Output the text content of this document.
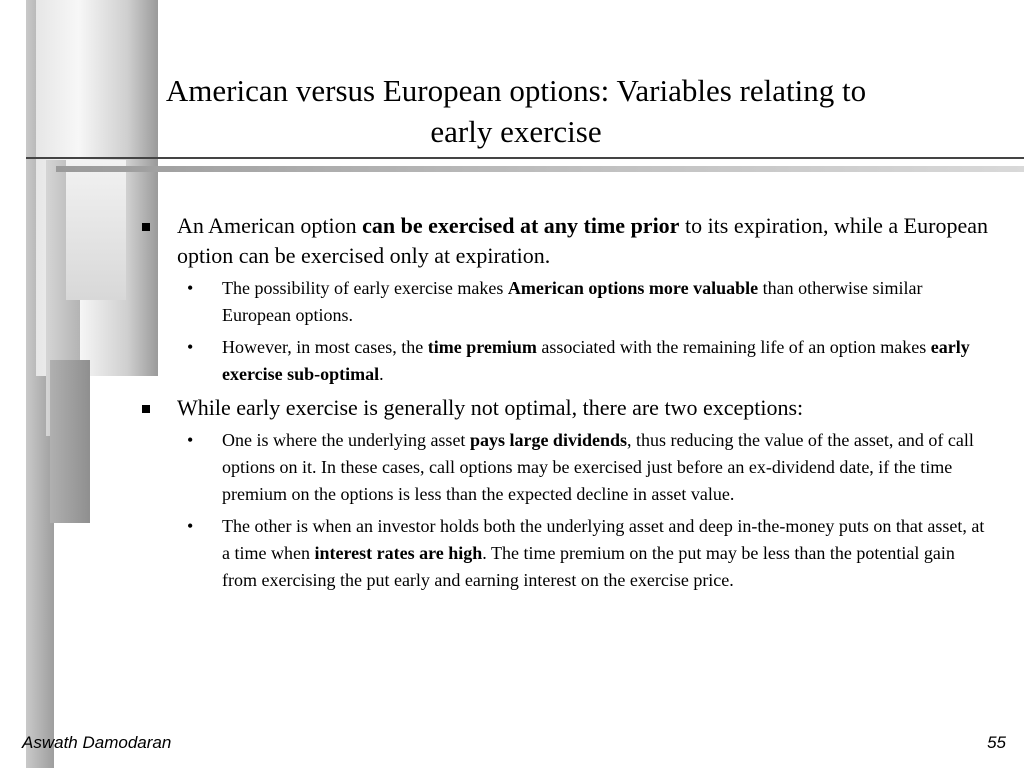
American versus European options: Variables relating to
early exercise

An American option can be exercised at any time prior to its expiration, while a European option can be exercised only at expiration.

• The possibility of early exercise makes American options more valuable than otherwise similar European options.

• However, in most cases, the time premium associated with the remaining life of an option makes early exercise sub-optimal.

While early exercise is generally not optimal, there are two exceptions:

• One is where the underlying asset pays large dividends, thus reducing the value of the asset, and of call options on it. In these cases, call options may be exercised just before an ex-dividend date, if the time premium on the options is less than the expected decline in asset value.

• The other is when an investor holds both the underlying asset and deep in-the-money puts on that asset, at a time when interest rates are high. The time premium on the put may be less than the potential gain from exercising the put early and earning interest on the exercise price.

Aswath Damodaran	55
